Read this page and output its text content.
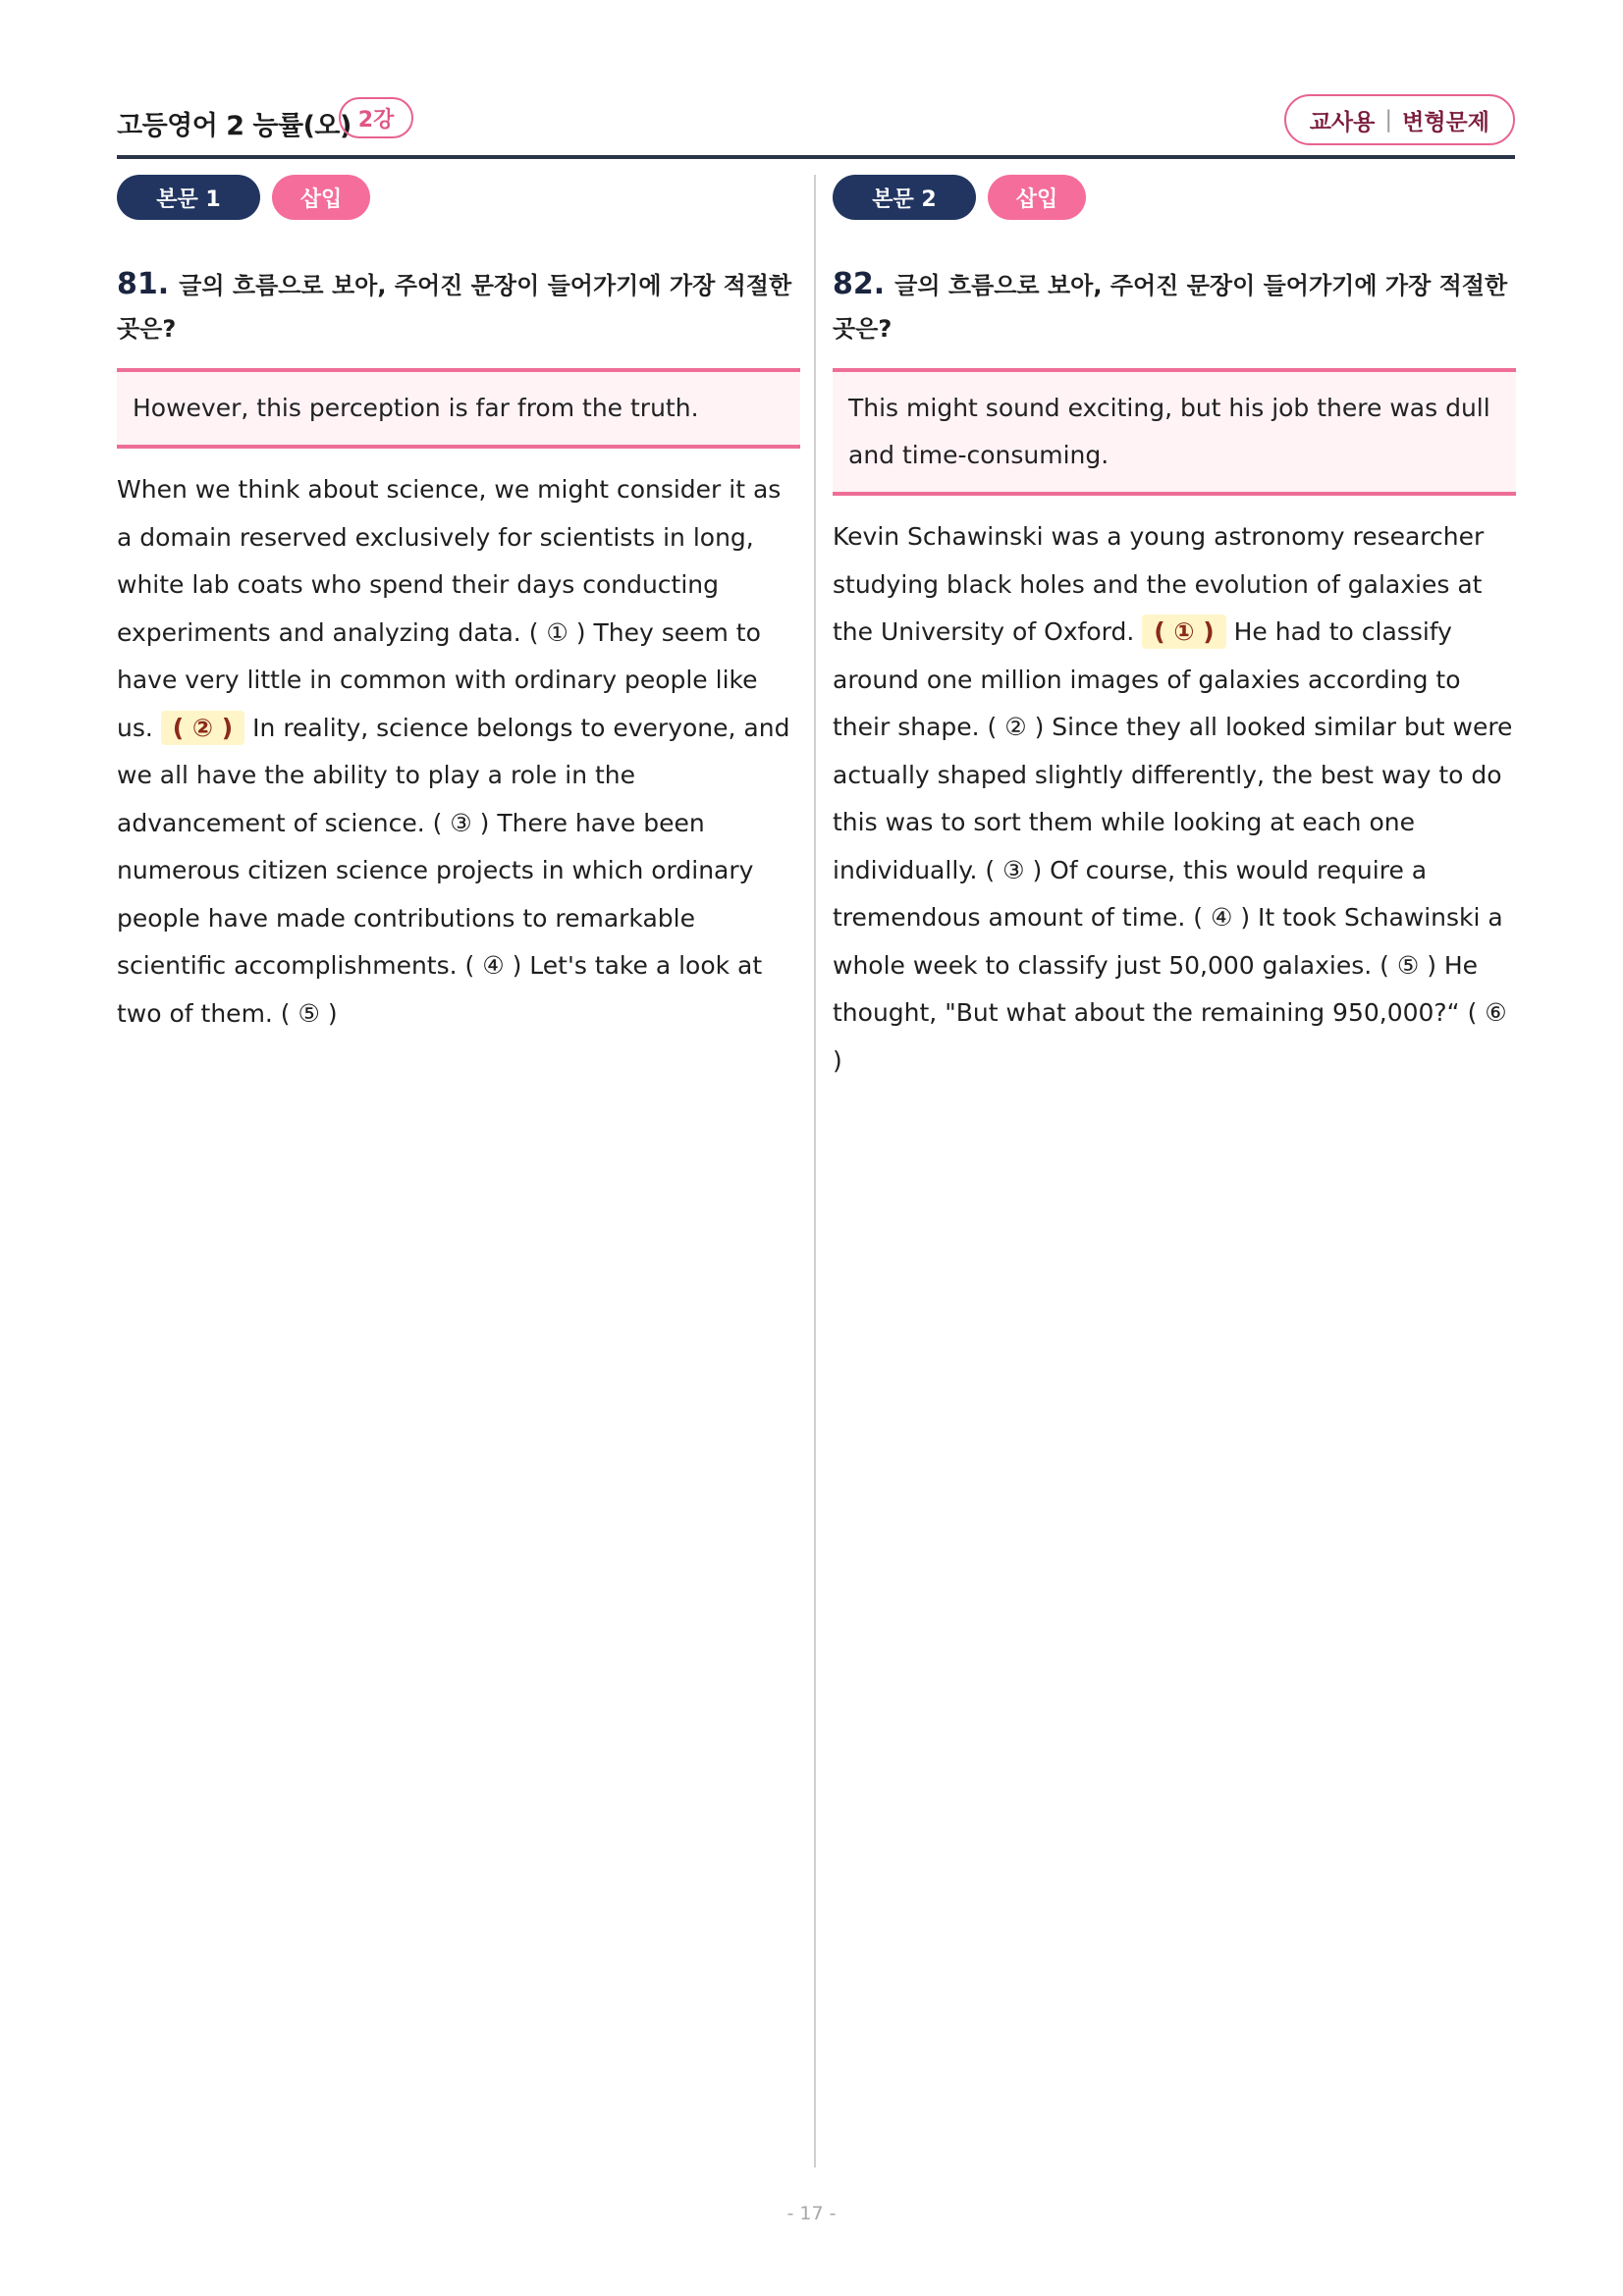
고등영어 2 능률(오) 2강	교사용 | 변형문제
본문 1	삽입
81. 글의 흐름으로 보아, 주어진 문장이 들어가기에 가장 적절한 곳은?
However, this perception is far from the truth.
When we think about science, we might consider it as a domain reserved exclusively for scientists in long, white lab coats who spend their days conducting experiments and analyzing data. ( ① ) They seem to have very little in common with ordinary people like us. ( ② ) In reality, science belongs to everyone, and we all have the ability to play a role in the advancement of science. ( ③ ) There have been numerous citizen science projects in which ordinary people have made contributions to remarkable scientific accomplishments. ( ④ ) Let's take a look at two of them. ( ⑤ )
본문 2	삽입
82. 글의 흐름으로 보아, 주어진 문장이 들어가기에 가장 적절한 곳은?
This might sound exciting, but his job there was dull and time-consuming.
Kevin Schawinski was a young astronomy researcher studying black holes and the evolution of galaxies at the University of Oxford. ( ① ) He had to classify around one million images of galaxies according to their shape. ( ② ) Since they all looked similar but were actually shaped slightly differently, the best way to do this was to sort them while looking at each one individually. ( ③ ) Of course, this would require a tremendous amount of time. ( ④ ) It took Schawinski a whole week to classify just 50,000 galaxies. ( ⑤ ) He thought, "But what about the remaining 950,000?“ ( ⑥ )
- 17 -
